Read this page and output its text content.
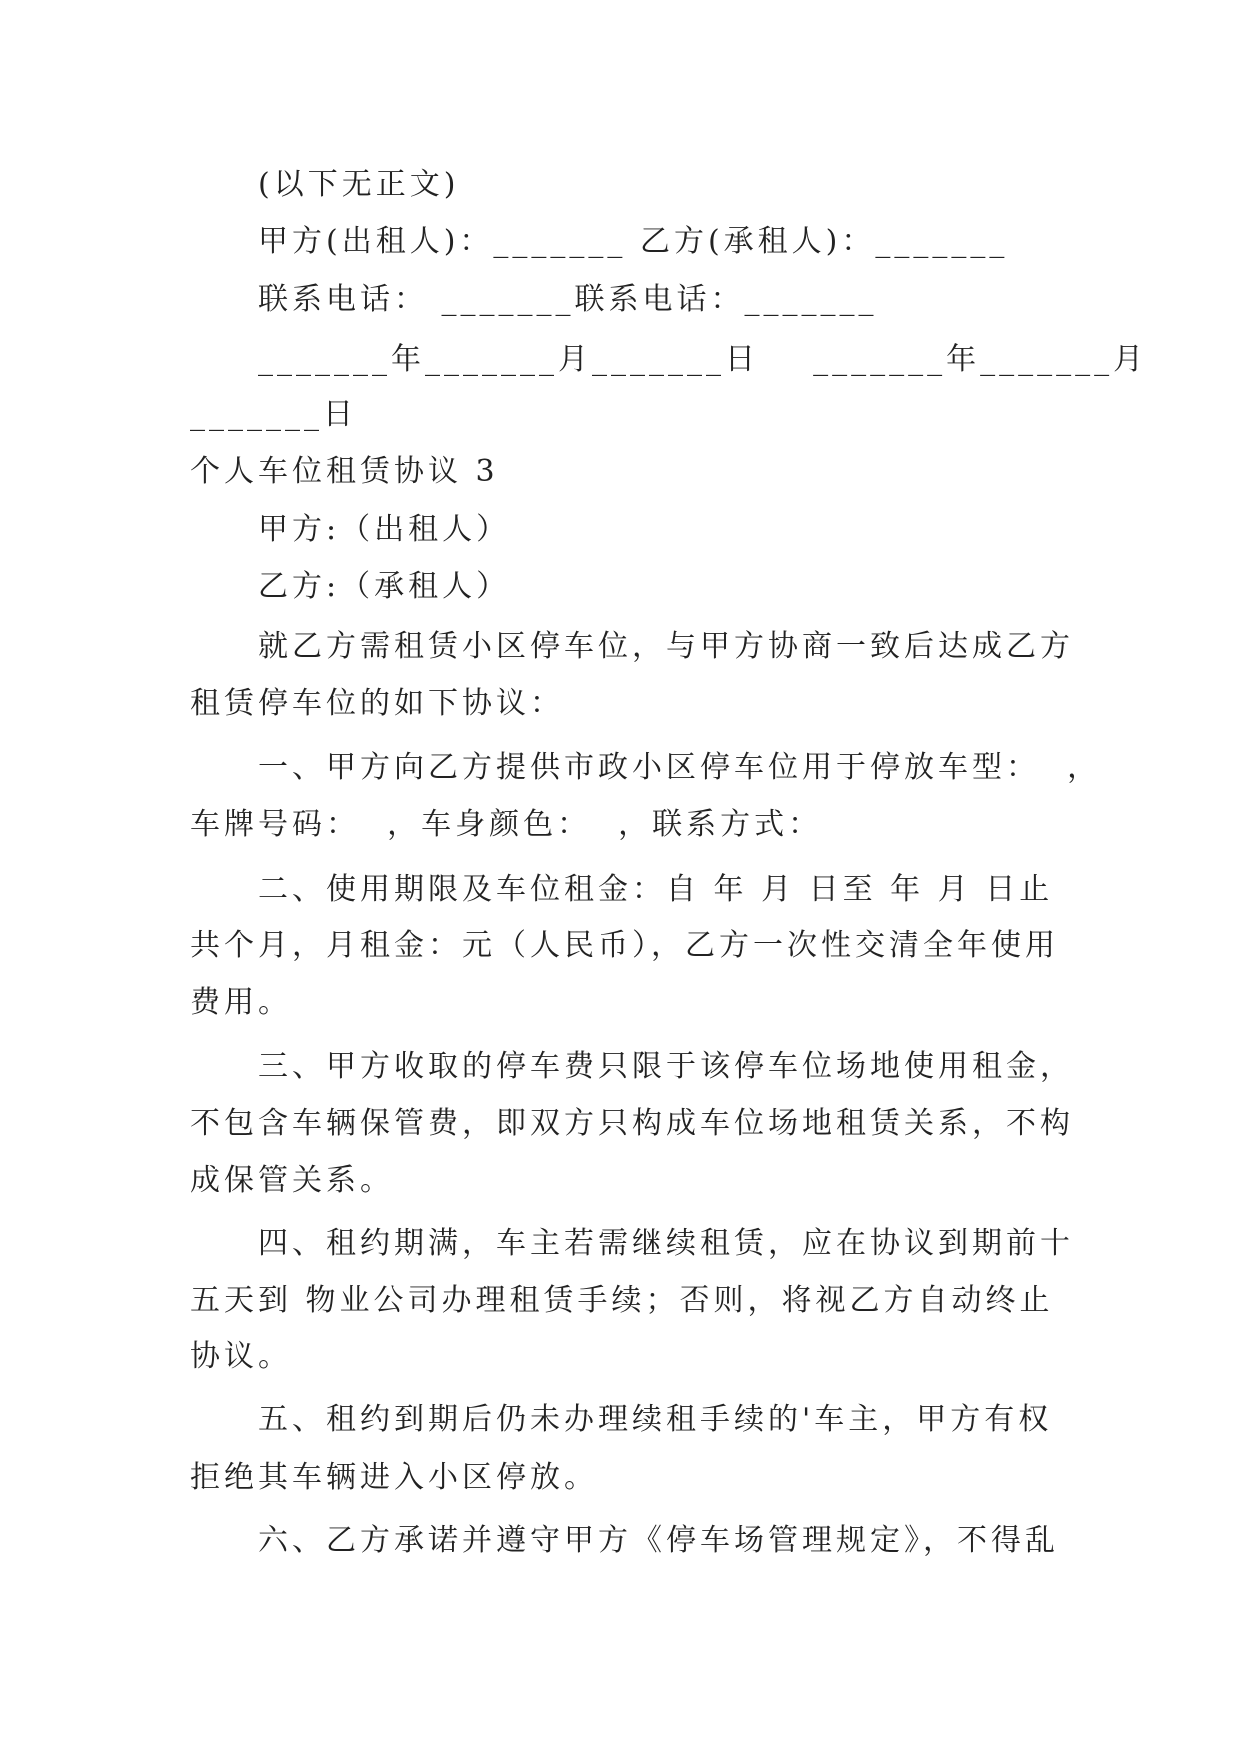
(以下无正文)
甲方(出租人)：_______ 乙方(承租人)：_______
联系电话： _______联系电话：_______
_______年_______月_______日    _______年_______月
_______日
个人车位租赁协议 3
甲方:（出租人）
乙方:（承租人）
就乙方需租赁小区停车位，与甲方协商一致后达成乙方
租赁停车位的如下协议：
一、甲方向乙方提供市政小区停车位用于停放车型：  ，
车牌号码：  ，车身颜色：  ，联系方式：
二、使用期限及车位租金：自 年 月 日至 年 月 日止
共个月，月租金：元（人民币），乙方一次性交清全年使用
费用。
三、甲方收取的停车费只限于该停车位场地使用租金，
不包含车辆保管费，即双方只构成车位场地租赁关系，不构
成保管关系。
四、租约期满，车主若需继续租赁，应在协议到期前十
五天到 物业公司办理租赁手续；否则，将视乙方自动终止
协议。
五、租约到期后仍未办理续租手续的'车主，甲方有权
拒绝其车辆进入小区停放。
六、乙方承诺并遵守甲方《停车场管理规定》，不得乱
